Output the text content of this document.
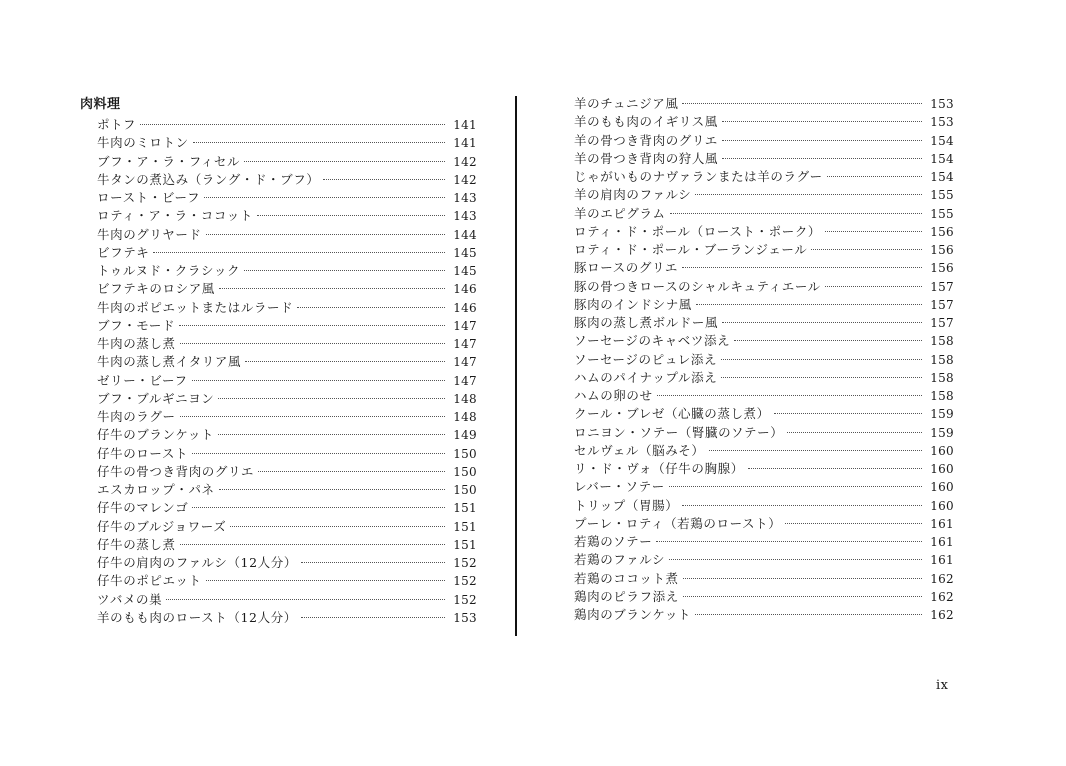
肉料理
ポトフ	141
牛肉のミロトン	141
ブフ・ア・ラ・フィセル	142
牛タンの煮込み（ラング・ド・ブフ）	142
ロースト・ビーフ	143
ロティ・ア・ラ・ココット	143
牛肉のグリヤード	144
ビフテキ	145
トゥルヌド・クラシック	145
ビフテキのロシア風	146
牛肉のポピエットまたはルラード	146
ブフ・モード	147
牛肉の蒸し煮	147
牛肉の蒸し煮イタリア風	147
ゼリー・ビーフ	147
ブフ・ブルギニヨン	148
牛肉のラグー	148
仔牛のブランケット	149
仔牛のロースト	150
仔牛の骨つき背肉のグリエ	150
エスカロップ・パネ	150
仔牛のマレンゴ	151
仔牛のブルジョワーズ	151
仔牛の蒸し煮	151
仔牛の肩肉のファルシ（12人分）	152
仔牛のポピエット	152
ツバメの巣	152
羊のもも肉のロースト（12人分）	153
羊のチュニジア風	153
羊のもも肉のイギリス風	153
羊の骨つき背肉のグリエ	154
羊の骨つき背肉の狩人風	154
じゃがいものナヴァランまたは羊のラグー	154
羊の肩肉のファルシ	155
羊のエピグラム	155
ロティ・ド・ポール（ロースト・ポーク）	156
ロティ・ド・ポール・ブーランジェール	156
豚ロースのグリエ	156
豚の骨つきロースのシャルキュティエール	157
豚肉のインドシナ風	157
豚肉の蒸し煮ボルドー風	157
ソーセージのキャベツ添え	158
ソーセージのピュレ添え	158
ハムのパイナップル添え	158
ハムの卵のせ	158
クール・ブレゼ（心臓の蒸し煮）	159
ロニヨン・ソテー（腎臓のソテー）	159
セルヴェル（脳みそ）	160
リ・ド・ヴォ（仔牛の胸腺）	160
レバー・ソテー	160
トリップ（胃腸）	160
プーレ・ロティ（若鶏のロースト）	161
若鶏のソテー	161
若鶏のファルシ	161
若鶏のココット煮	162
鶏肉のピラフ添え	162
鶏肉のブランケット	162
ix
